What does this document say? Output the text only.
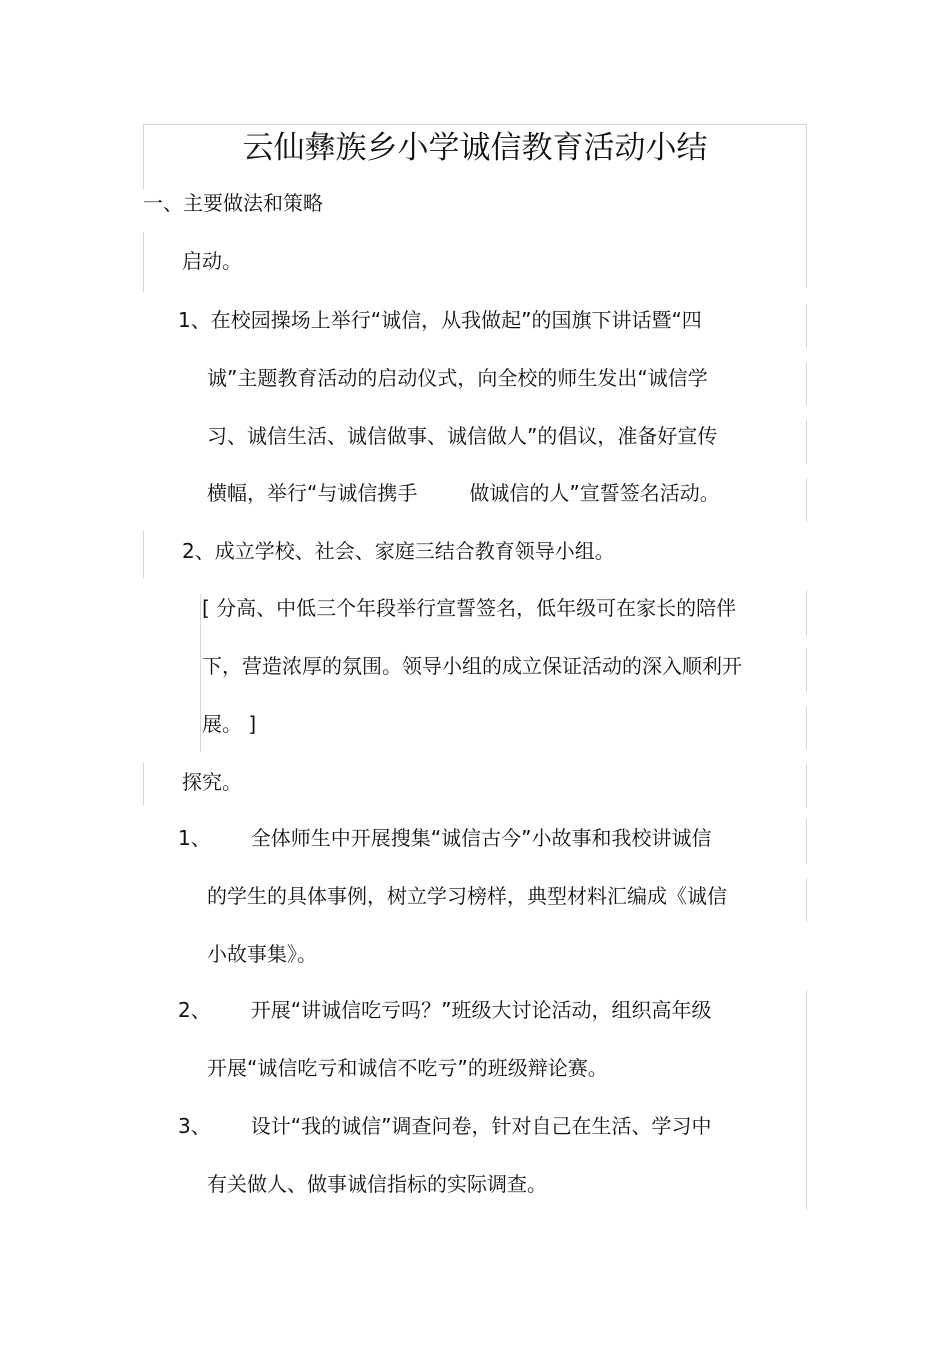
云仙彝族乡小学诚信教育活动小结
一、主要做法和策略
启动。
1、在校园操场上举行“诚信，从我做起”的国旗下讲话暨“四
诚”主题教育活动的启动仪式，向全校的师生发出“诚信学
习、诚信生活、诚信做事、诚信做人”的倡议，准备好宣传
横幅，举行“与诚信携手	做诚信的人”宣誓签名活动。
2、成立学校、社会、家庭三结合教育领导小组。
[ 分高、中低三个年段举行宣誓签名，低年级可在家长的陪伴
下，营造浓厚的氛围。领导小组的成立保证活动的深入顺利开
展。 ]
探究。
1、 全体师生中开展搜集“诚信古今”小故事和我校讲诚信
的学生的具体事例，树立学习榜样，典型材料汇编成《诚信
小故事集》。
2、 开展“讲诚信吃亏吗？”班级大讨论活动，组织高年级
开展“诚信吃亏和诚信不吃亏”的班级辩论赛。
3、 设计“我的诚信”调查问卷，针对自己在生活、学习中
有关做人、做事诚信指标的实际调查。
